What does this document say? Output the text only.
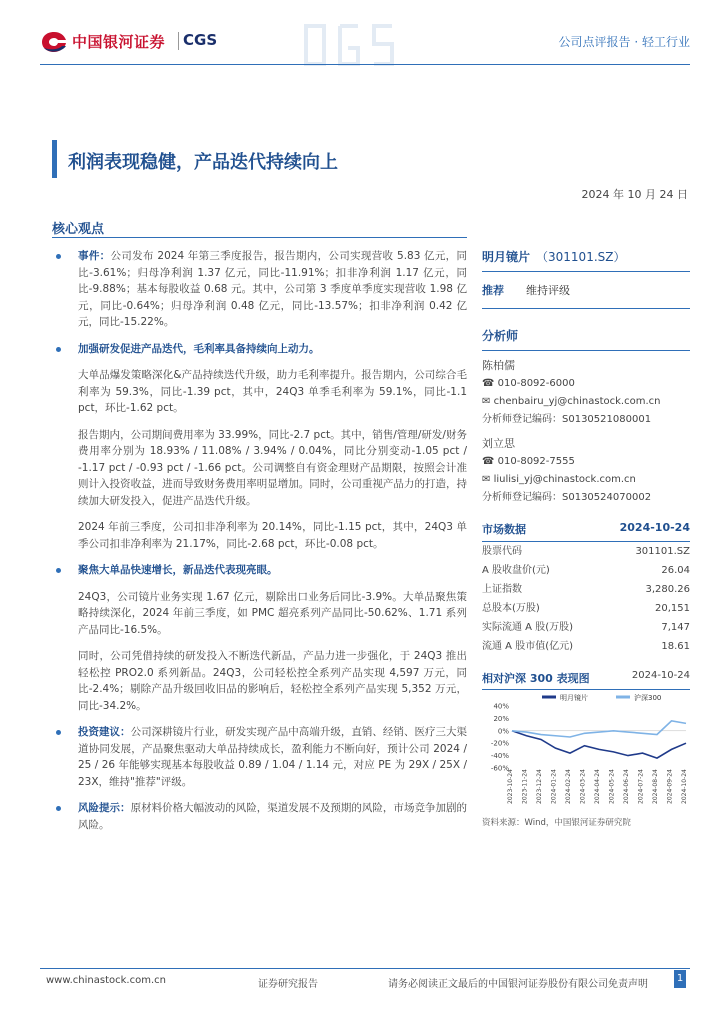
中国银河证券 CGS	公司点评报告 · 轻工行业
利润表现稳健，产品迭代持续向上
2024 年 10 月 24 日
核心观点
事件：公司发布 2024 年第三季度报告，报告期内，公司实现营收 5.83 亿元，同比-3.61%；归母净利润 1.37 亿元，同比-11.91%；扣非净利润 1.17 亿元，同比-9.88%；基本每股收益 0.68 元。其中，公司第 3 季度单季度实现营收 1.98 亿元，同比-0.64%；归母净利润 0.48 亿元，同比-13.57%；扣非净利润 0.42 亿元，同比-15.22%。
加强研发促进产品迭代，毛利率具备持续向上动力。
大单品爆发策略深化&产品持续迭代升级，助力毛利率提升。报告期内，公司综合毛利率为 59.3%，同比-1.39 pct，其中，24Q3 单季毛利率为 59.1%，同比-1.1 pct，环比-1.62 pct。
报告期内，公司期间费用率为 33.99%，同比-2.7 pct。其中，销售/管理/研发/财务费用率分别为 18.93% / 11.08% / 3.94% / 0.04%，同比分别变动-1.05 pct / -1.17 pct / -0.93 pct / -1.66 pct。公司调整自有资金理财产品期限，按照会计准则计入投资收益，进而导致财务费用率明显增加。同时，公司重视产品力的打造，持续加大研发投入，促进产品迭代升级。
2024 年前三季度，公司扣非净利率为 20.14%，同比-1.15 pct，其中，24Q3 单季公司扣非净利率为 21.17%，同比-2.68 pct，环比-0.08 pct。
聚焦大单品快速增长，新品迭代表现亮眼。
24Q3，公司镜片业务实现 1.67 亿元，剔除出口业务后同比-3.9%。大单品聚焦策略持续深化，2024 年前三季度，如 PMC 超亮系列产品同比-50.62%、1.71 系列产品同比-16.5%。
同时，公司凭借持续的研发投入不断迭代新品，产品力进一步强化，于 24Q3 推出轻松控 PRO2.0 系列新品。24Q3，公司轻松控全系列产品实现 4,597 万元，同比-2.4%；剔除产品升级回收旧品的影响后，轻松控全系列产品实现 5,352 万元，同比-34.2%。
投资建议：公司深耕镜片行业，研发实现产品中高端升级，直销、经销、医疗三大渠道协同发展，产品聚焦驱动大单品持续成长，盈利能力不断向好，预计公司 2024 / 25 / 26 年能够实现基本每股收益 0.89 / 1.04 / 1.14 元，对应 PE 为 29X / 25X / 23X，维持"推荐"评级。
风险提示：原材料价格大幅波动的风险，渠道发展不及预期的风险，市场竞争加剧的风险。
明月镜片 （301101.SZ）
推荐	维持评级
分析师
陈柏儒
☎ 010-8092-6000
✉ chenbairu_yj@chinastock.com.cn
分析师登记编码：S0130521080001
刘立思
☎ 010-8092-7555
✉ liulisi_yj@chinastock.com.cn
分析师登记编码：S0130524070002
市场数据	2024-10-24
股票代码	301101.SZ
A 股收盘价(元)	26.04
上证指数	3,280.26
总股本(万股)	20,151
实际流通 A 股(万股)	7,147
流通 A 股市值(亿元)	18.61
相对沪深 300 表现图	2024-10-24
明月镜片	沪深300
40%
20%
0%
-20%
-40%
-60%
2023-10-24 2023-11-24 2023-12-24 2024-01-24 2024-02-24 2024-03-24 2024-04-24 2024-05-24 2024-06-24 2024-07-24 2024-08-24 2024-09-24 2024-10-24
资料来源：Wind，中国银河证券研究院
www.chinastock.com.cn	证券研究报告	请务必阅读正文最后的中国银河证券股份有限公司免责声明
1
